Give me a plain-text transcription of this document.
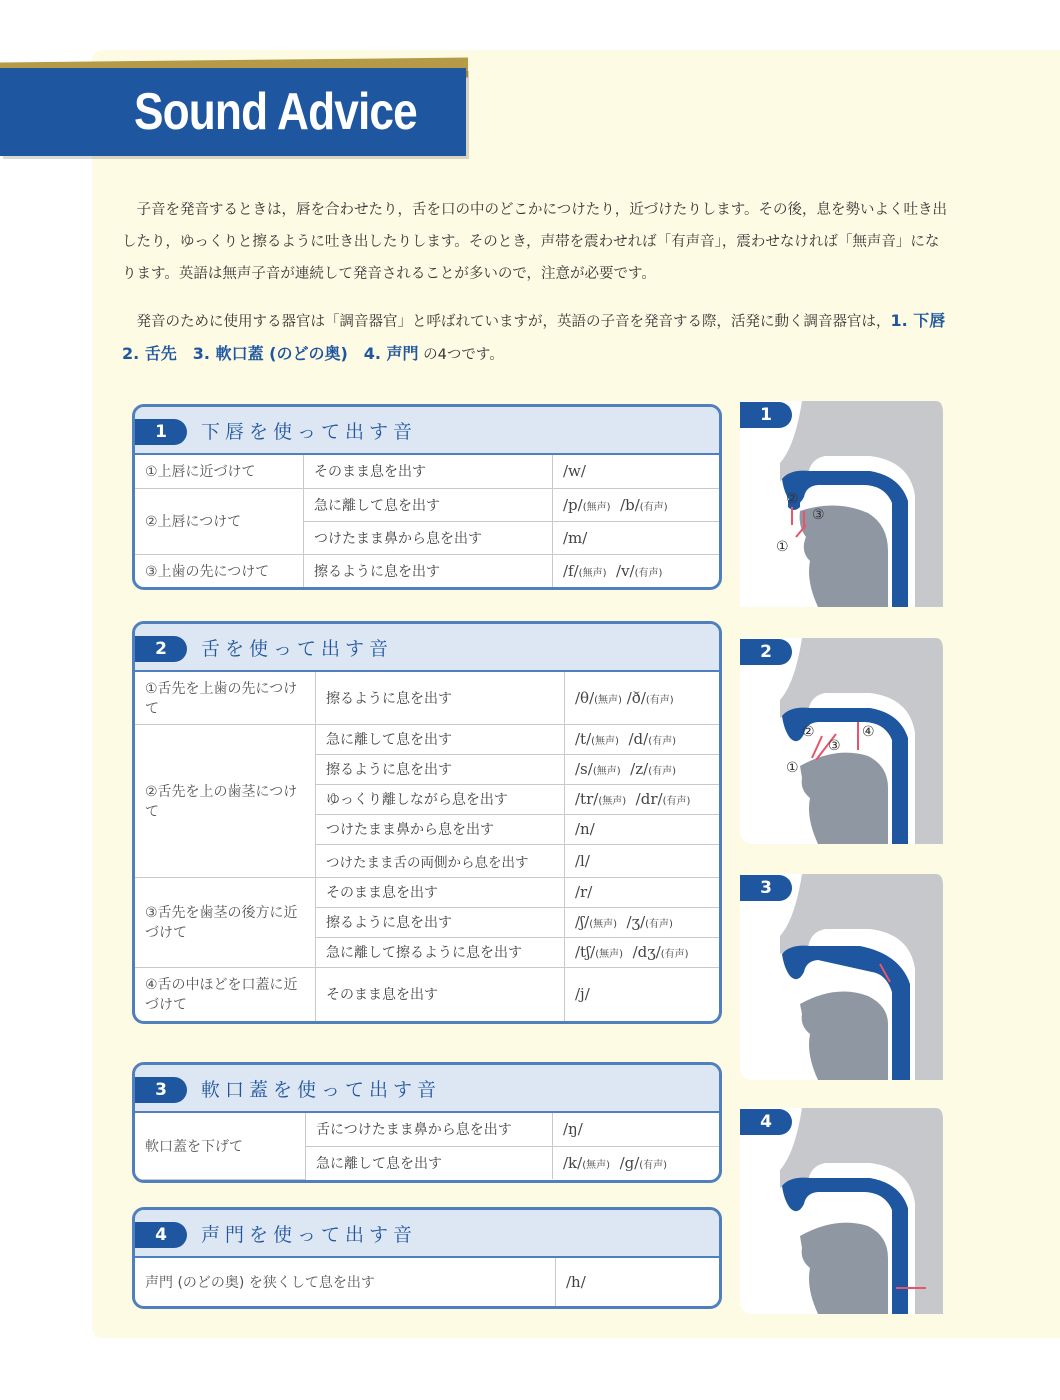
Sound Advice

子音を発音するときは，唇を合わせたり，舌を口の中のどこかにつけたり，近づけたりします。その後，息を勢いよく吐き出したり，ゆっくりと擦るように吐き出したりします。そのとき，声帯を震わせれば「有声音」，震わせなければ「無声音」になります。英語は無声子音が連続して発音されることが多いので，注意が必要です。

発音のために使用する器官は「調音器官」と呼ばれていますが，英語の子音を発音する際，活発に動く調音器官は，1. 下唇　2. 舌先　3. 軟口蓋 (のどの奥)　4. 声門 の4つです。

1	下唇を使って出す音
①上唇に近づけて	そのまま息を出す	/w/
②上唇につけて	急に離して息を出す	/p/(無声) /b/(有声)
	つけたまま鼻から息を出す	/m/
③上歯の先につけて	擦るように息を出す	/f/(無声) /v/(有声)
2	舌を使って出す音
①舌先を上歯の先につけて	擦るように息を出す	/θ/(無声) /ð/(有声)
②舌先を上の歯茎につけて	急に離して息を出す	/t/(無声) /d/(有声)
	擦るように息を出す	/s/(無声) /z/(有声)
	ゆっくり離しながら息を出す	/tr/(無声) /dr/(有声)
	つけたまま鼻から息を出す	/n/
	つけたまま舌の両側から息を出す	/l/
③舌先を歯茎の後方に近づけて	そのまま息を出す	/r/
	擦るように息を出す	/ʃ/(無声) /ʒ/(有声)
	急に離して擦るように息を出す	/tʃ/(無声) /dʒ/(有声)
④舌の中ほどを口蓋に近づけて	そのまま息を出す	/j/
3	軟口蓋を使って出す音
軟口蓋を下げて	舌につけたまま鼻から息を出す	/ŋ/
	急に離して息を出す	/k/(無声) /g/(有声)
4	声門を使って出す音
声門 (のどの奥) を狭くして息を出す	/h/
①
②
③
1
①
②
③
④
2
3
4
